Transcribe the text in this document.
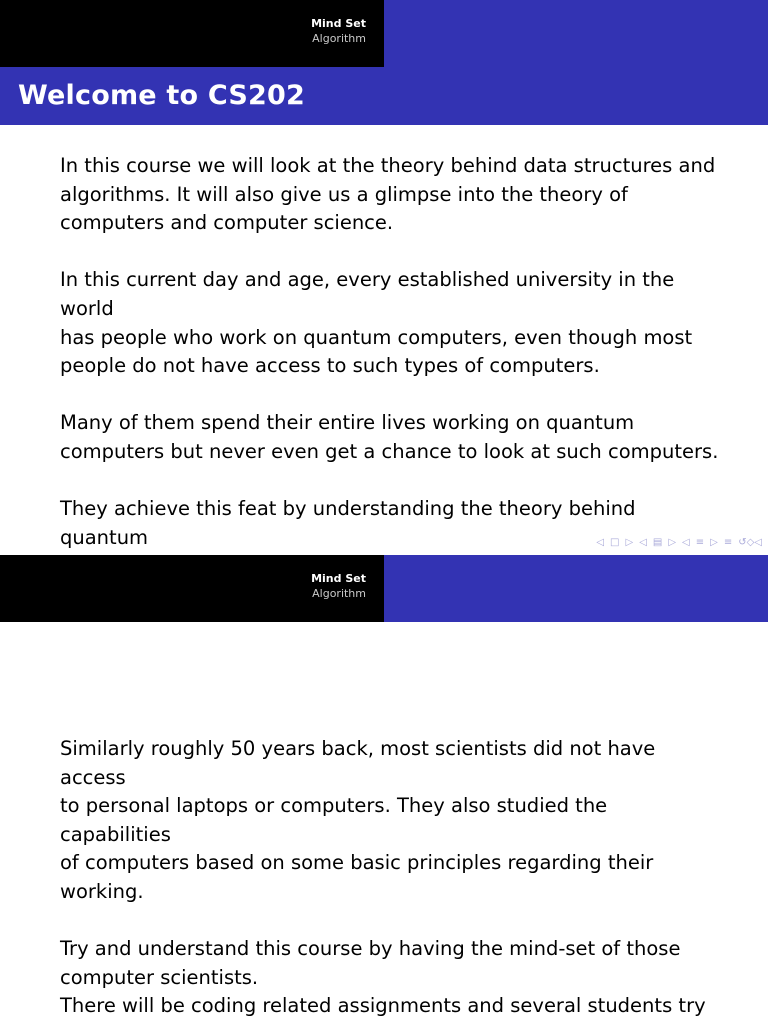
Mind Set
Algorithm
Welcome to CS202

In this course we will look at the theory behind data structures and
algorithms. It will also give us a glimpse into the theory of
computers and computer science.

In this current day and age, every established university in the world
has people who work on quantum computers, even though most
people do not have access to such types of computers.

Many of them spend their entire lives working on quantum
computers but never even get a chance to look at such computers.

They achieve this feat by understanding the theory behind quantum	◁ □ ▷ ◁ ▤ ▷ ◁ ≡ ▷ ≡ ↺◇◁
Mind Set
Algorithm

Similarly roughly 50 years back, most scientists did not have access
to personal laptops or computers. They also studied the capabilities
of computers based on some basic principles regarding their working.

Try and understand this course by having the mind-set of those
computer scientists.

There will be coding related assignments and several students try
